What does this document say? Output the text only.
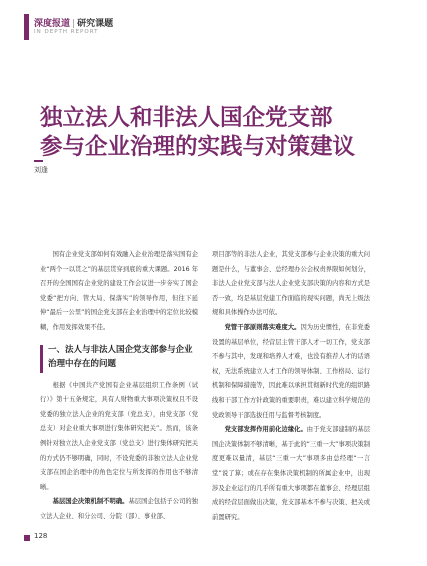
深度报道 | 研究课题
IN DEPTH REPORT
独立法人和非法人国企党支部
参与企业治理的实践与对策建议
刘逢

国有企业党支部如何有效融入企业治理是落实国有企业“两个一以贯之”的基层贯穿到底的重大课题。2016 年召开的全国国有企业党的建设工作会议进一步夯实了国企党委“把方向、管大局、保落实”的领导作用，但往下延伸“最后一公里”的国企党支部在企业治理中的定位比较模糊，作用发挥效果不佳。

一、法人与非法人国企党支部参与企业治理中存在的问题

根据《中国共产党国有企业基层组织工作条例（试行）》第十五条规定，具有人财物重大事项决策权且不设党委的独立法人企业的党支部（党总支），由党支部（党总支）对企业重大事项进行集体研究把关”。然而，该条例针对独立法人企业党支部（党总支）进行集体研究把关的方式仍不够明确，同时，不设党委的非独立法人企业党支部在国企治理中的角色定位与所发挥的作用也不够清晰。

基层国企决策机制不明确。基层国企包括子公司的独立法人企业、和分公司、分院（部）、事业部、

项目部等的非法人企业，其党支部参与企业决策的重大问题是什么，与董事会、总经理办公会权责界限如何划分，非法人企业党支部与法人企业党支部决策的内容和方式是否一致，均是基层党建工作面临的现实问题，尚无上级法规和具体操作办法可依。

党管干部原则落实难度大。因为历史惯性，在非党委设置的基层单位，经营层主管干部人才一切工作，党支部不参与其中，发现和培养人才难，也没有推荐人才的话语权，无法系统建立人才工作的领导体制、工作格局、运行机制和保障措施等，因此难以承担贯彻新时代党的组织路线和干部工作方针政策的重要职责，难以建立科学规范的党政领导干部选拔任用与监督考核制度。

党支部发挥作用前化边缘化。由于党支部建制的基层国企决策体制不够清晰，基于此的“三重一大”事项决策制度更难以量清，基层“三重一大”事项多由总经理“一言堂”说了算；或在存在集体决策机制的所属企业中，出现涉及企业运行的几乎所有重大事项都在董事会、经理层组成的经营层面做出决策，党支部基本不参与决策、把关或前置研究。

128
